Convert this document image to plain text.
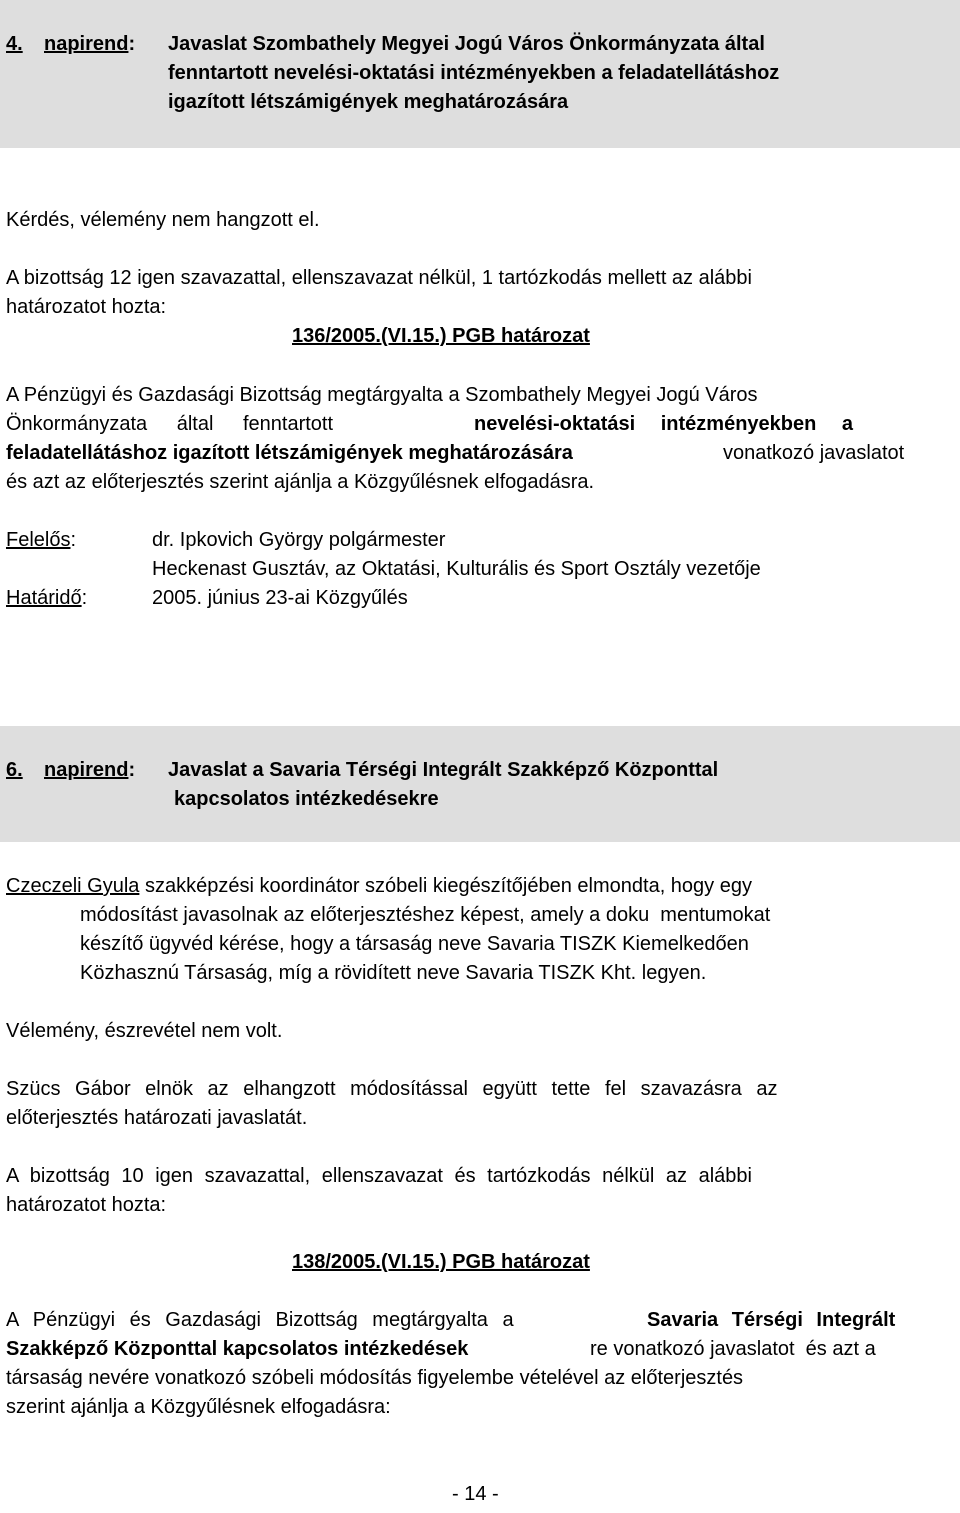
4. napirend: Javaslat Szombathely Megyei Jogú Város Önkormányzata által
fenntartott nevelési-oktatási intézményekben a feladatellátáshoz
igazított létszámigények meghatározására
Kérdés, vélemény nem hangzott el.
A bizottság 12 igen szavazattal, ellenszavazat nélkül, 1 tartózkodás mellett az alábbi
határozatot hozta:
136/2005.(VI.15.) PGB határozat
A Pénzügyi és Gazdasági Bizottság megtárgyalta a Szombathely Megyei Jogú Város
Önkormányzata által fenntartott	nevelési-oktatási intézményekben a
feladatellátáshoz igazított létszámigények meghatározására	vonatkozó javaslatot
és azt az előterjesztés szerint ajánlja a Közgyűlésnek elfogadásra.
Felelős:	dr. Ipkovich György polgármester
Heckenast Gusztáv, az Oktatási, Kulturális és Sport Osztály vezetője
Határidő:	2005. június 23-ai Közgyűlés
6. napirend: Javaslat a Savaria Térségi Integrált Szakképző Központtal
kapcsolatos intézkedésekre
Czeczeli Gyula szakképzési koordinátor szóbeli kiegészítőjében elmondta, hogy egy
módosítást javasolnak az előterjesztéshez képest, amely a doku  mentumokat
készítő ügyvéd kérése, hogy a társaság neve Savaria TISZK Kiemelkedően
Közhasznú Társaság, míg a rövidített neve Savaria TISZK Kht. legyen.
Vélemény, észrevétel nem volt.
Szücs Gábor elnök az elhangzott módosítással együtt tette fel szavazásra az
előterjesztés határozati javaslatát.
A bizottság 10 igen szavazattal, ellenszavazat és tartózkodás nélkül az alábbi
határozatot hozta:
138/2005.(VI.15.) PGB határozat
A Pénzügyi és Gazdasági Bizottság megtárgyalta a	Savaria Térségi Integrált
Szakképző Központtal kapcsolatos intézkedések	re vonatkozó javaslatot  és azt a
társaság nevére vonatkozó szóbeli módosítás figyelembe vételével az előterjesztés
szerint ajánlja a Közgyűlésnek elfogadásra:
- 14 -
